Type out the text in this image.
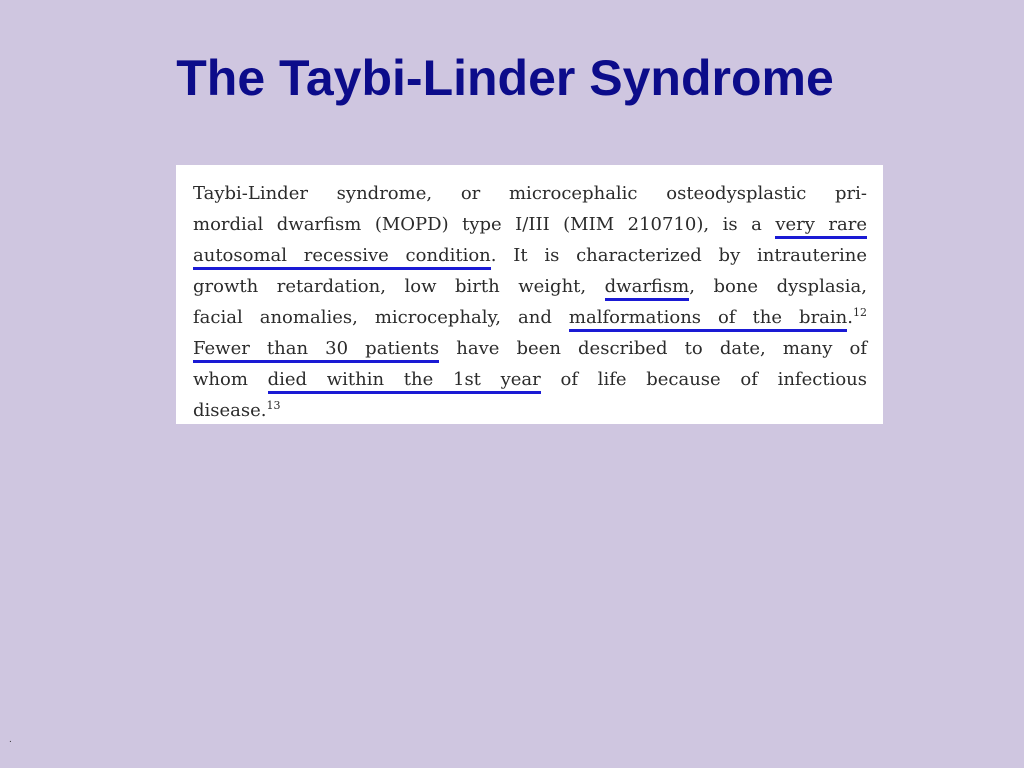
The Taybi-Linder Syndrome
Taybi-Linder syndrome, or microcephalic osteodysplastic pri-
mordial dwarfism (MOPD) type I/III (MIM 210710), is a very rare
autosomal recessive condition. It is characterized by intrauterine
growth retardation, low birth weight, dwarfism, bone dysplasia,
facial anomalies, microcephaly, and malformations of the brain.$^{12}$
Fewer than 30 patients have been described to date, many of
whom died within the 1st year of life because of infectious
disease.$^{13}$
.
